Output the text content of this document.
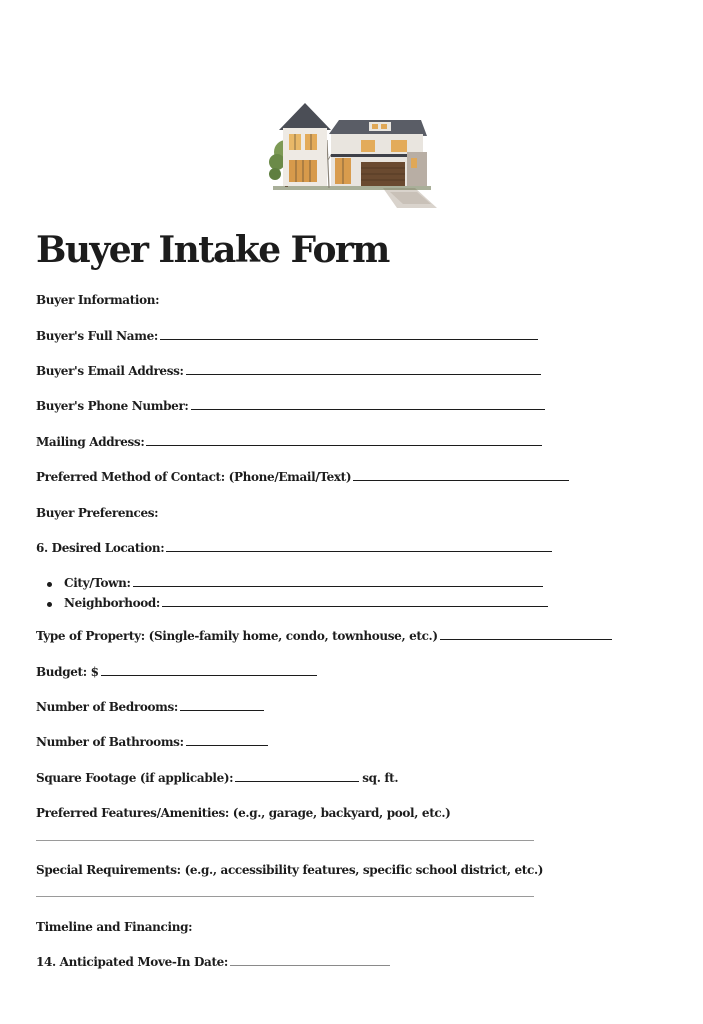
Buyer Intake Form
Buyer Information:
Buyer's Full Name:
Buyer's Email Address:
Buyer's Phone Number:
Mailing Address:
Preferred Method of Contact: (Phone/Email/Text)
Buyer Preferences:
6. Desired Location:
City/Town:
Neighborhood:
Type of Property: (Single-family home, condo, townhouse, etc.)
Budget: $
Number of Bedrooms:
Number of Bathrooms:
Square Footage (if applicable):	sq. ft.
Preferred Features/Amenities: (e.g., garage, backyard, pool, etc.)
Special Requirements: (e.g., accessibility features, specific school district, etc.)
Timeline and Financing:
14. Anticipated Move-In Date:
